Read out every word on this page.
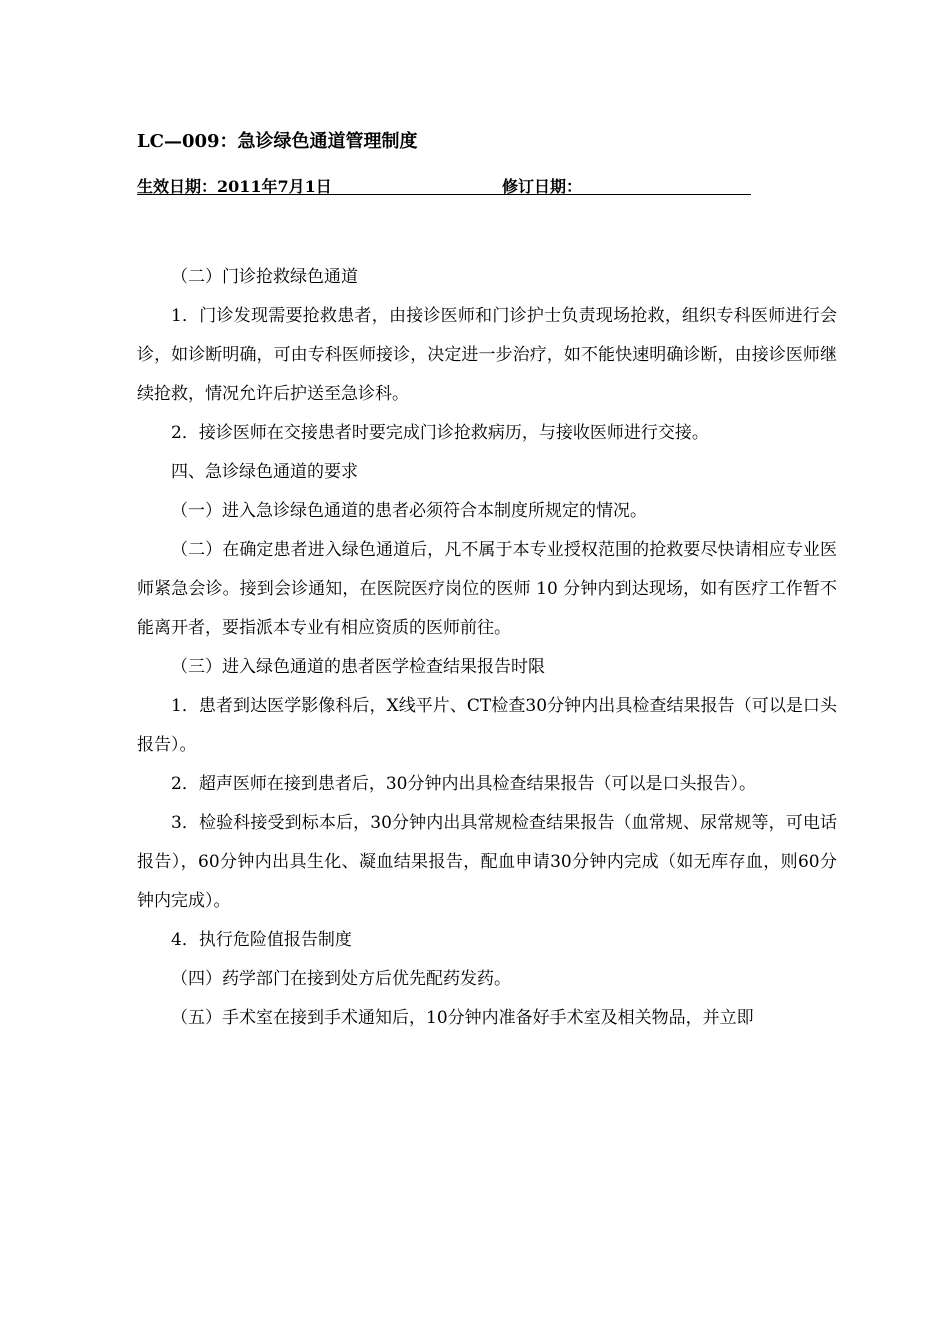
LC—009：急诊绿色通道管理制度
生效日期：2011年7月1日	修订日期：

（二）门诊抢救绿色通道

1．门诊发现需要抢救患者，由接诊医师和门诊护士负责现场抢救，组织专科医师进行会诊，如诊断明确，可由专科医师接诊，决定进一步治疗，如不能快速明确诊断，由接诊医师继续抢救，情况允许后护送至急诊科。

2．接诊医师在交接患者时要完成门诊抢救病历，与接收医师进行交接。

四、急诊绿色通道的要求

（一）进入急诊绿色通道的患者必须符合本制度所规定的情况。

（二）在确定患者进入绿色通道后，凡不属于本专业授权范围的抢救要尽快请相应专业医师紧急会诊。接到会诊通知，在医院医疗岗位的医师 10 分钟内到达现场，如有医疗工作暂不能离开者，要指派本专业有相应资质的医师前往。

（三）进入绿色通道的患者医学检查结果报告时限

1．患者到达医学影像科后，X线平片、CT检查30分钟内出具检查结果报告（可以是口头报告）。

2．超声医师在接到患者后，30分钟内出具检查结果报告（可以是口头报告）。

3．检验科接受到标本后，30分钟内出具常规检查结果报告（血常规、尿常规等，可电话报告），60分钟内出具生化、凝血结果报告，配血申请30分钟内完成（如无库存血，则60分钟内完成）。

4．执行危险值报告制度

（四）药学部门在接到处方后优先配药发药。

（五）手术室在接到手术通知后，10分钟内准备好手术室及相关物品，并立即
